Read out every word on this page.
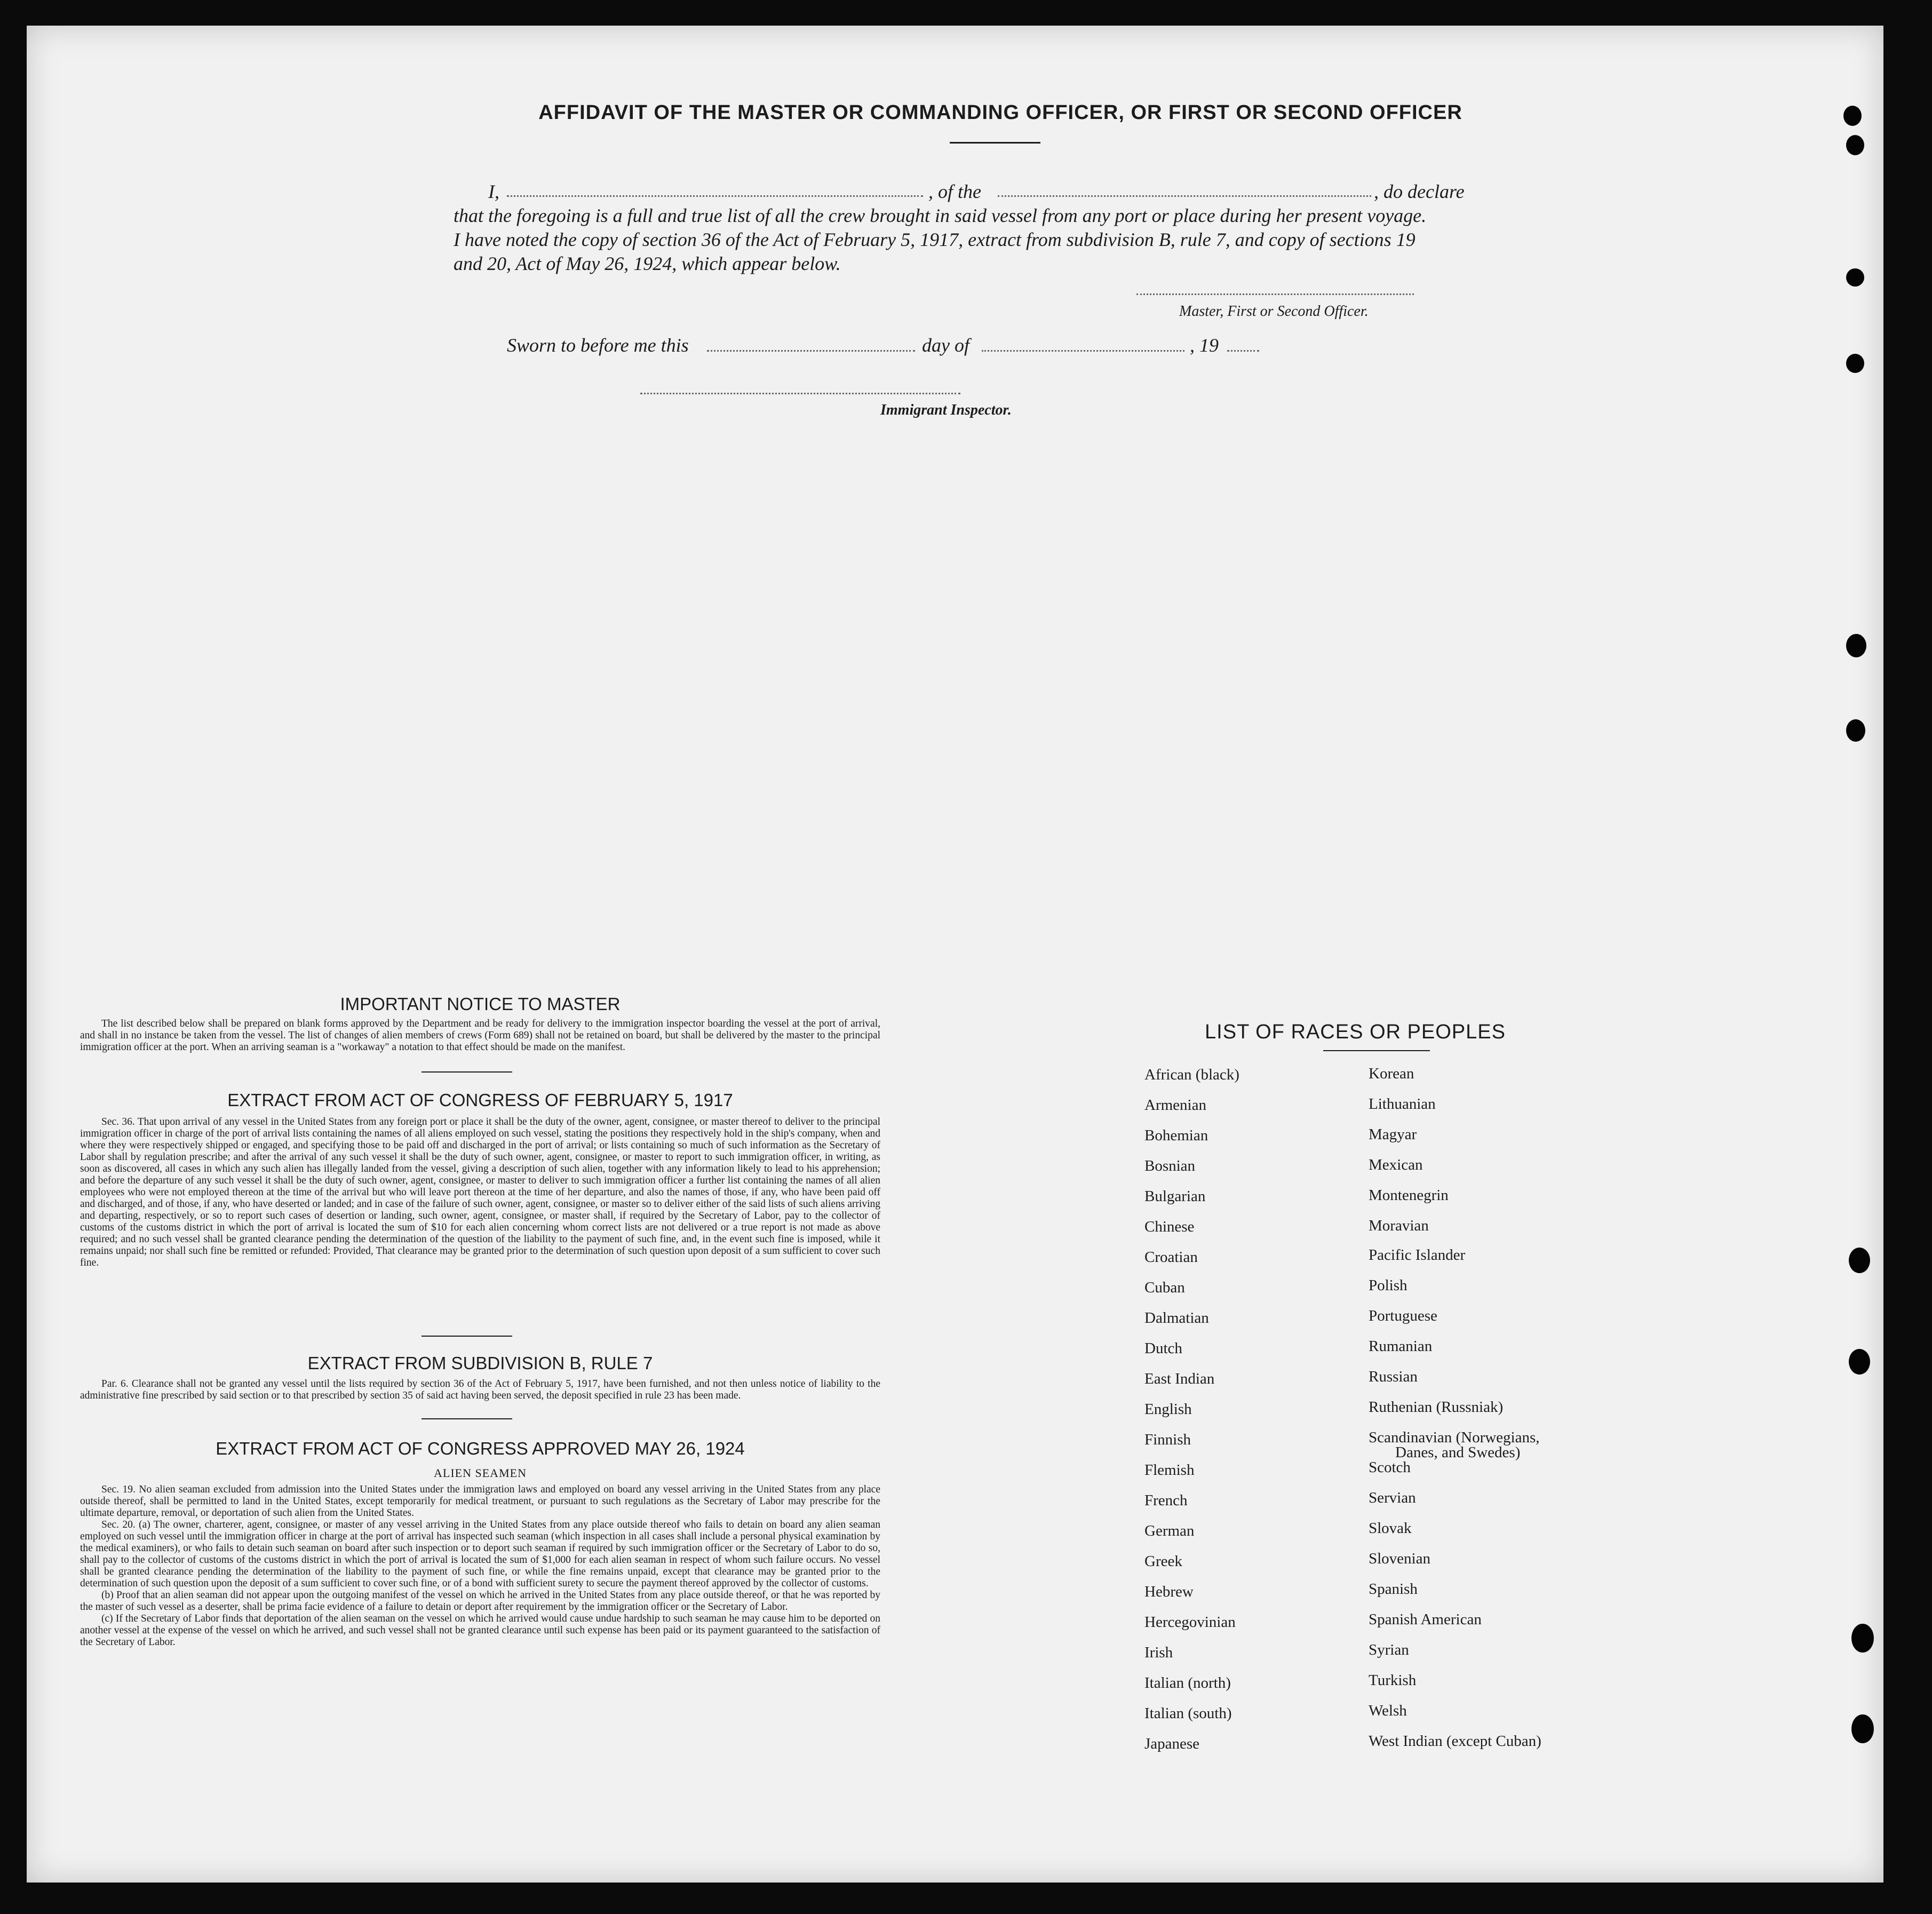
AFFIDAVIT OF THE MASTER OR COMMANDING OFFICER, OR FIRST OR SECOND OFFICER
I,	, of the	, do declare
that the foregoing is a full and true list of all the crew brought in said vessel from any port or place during her present voyage.
I have noted the copy of section 36 of the Act of February 5, 1917, extract from subdivision B, rule 7, and copy of sections 19
and 20, Act of May 26, 1924, which appear below.
Master, First or Second Officer.
Sworn to before me this	day of	, 19
Immigrant Inspector.
IMPORTANT NOTICE TO MASTER
The list described below shall be prepared on blank forms approved by the Department and be ready for delivery to the immigration inspector boarding the vessel at the port of arrival, and shall in no instance be taken from the vessel. The list of changes of alien members of crews (Form 689) shall not be retained on board, but shall be delivered by the master to the principal immigration officer at the port. When an arriving seaman is a "workaway" a notation to that effect should be made on the manifest.
EXTRACT FROM ACT OF CONGRESS OF FEBRUARY 5, 1917
Sec. 36. That upon arrival of any vessel in the United States from any foreign port or place it shall be the duty of the owner, agent, consignee, or master thereof to deliver to the principal immigration officer in charge of the port of arrival lists containing the names of all aliens employed on such vessel, stating the positions they respectively hold in the ship's company, when and where they were respectively shipped or engaged, and specifying those to be paid off and discharged in the port of arrival; or lists containing so much of such information as the Secretary of Labor shall by regulation prescribe; and after the arrival of any such vessel it shall be the duty of such owner, agent, consignee, or master to report to such immigration officer, in writing, as soon as discovered, all cases in which any such alien has illegally landed from the vessel, giving a description of such alien, together with any information likely to lead to his apprehension; and before the departure of any such vessel it shall be the duty of such owner, agent, consignee, or master to deliver to such immigration officer a further list containing the names of all alien employees who were not employed thereon at the time of the arrival but who will leave port thereon at the time of her departure, and also the names of those, if any, who have been paid off and discharged, and of those, if any, who have deserted or landed; and in case of the failure of such owner, agent, consignee, or master so to deliver either of the said lists of such aliens arriving and departing, respectively, or so to report such cases of desertion or landing, such owner, agent, consignee, or master shall, if required by the Secretary of Labor, pay to the collector of customs of the customs district in which the port of arrival is located the sum of $10 for each alien concerning whom correct lists are not delivered or a true report is not made as above required; and no such vessel shall be granted clearance pending the determination of the question of the liability to the payment of such fine, and, in the event such fine is imposed, while it remains unpaid; nor shall such fine be remitted or refunded: Provided, That clearance may be granted prior to the determination of such question upon deposit of a sum sufficient to cover such fine.
EXTRACT FROM SUBDIVISION B, RULE 7
Par. 6. Clearance shall not be granted any vessel until the lists required by section 36 of the Act of February 5, 1917, have been furnished, and not then unless notice of liability to the administrative fine prescribed by said section or to that prescribed by section 35 of said act having been served, the deposit specified in rule 23 has been made.
EXTRACT FROM ACT OF CONGRESS APPROVED MAY 26, 1924
ALIEN SEAMEN
Sec. 19. No alien seaman excluded from admission into the United States under the immigration laws and employed on board any vessel arriving in the United States from any place outside thereof, shall be permitted to land in the United States, except temporarily for medical treatment, or pursuant to such regulations as the Secretary of Labor may prescribe for the ultimate departure, removal, or deportation of such alien from the United States.
Sec. 20. (a) The owner, charterer, agent, consignee, or master of any vessel arriving in the United States from any place outside thereof who fails to detain on board any alien seaman employed on such vessel until the immigration officer in charge at the port of arrival has inspected such seaman (which inspection in all cases shall include a personal physical examination by the medical examiners), or who fails to detain such seaman on board after such inspection or to deport such seaman if required by such immigration officer or the Secretary of Labor to do so, shall pay to the collector of customs of the customs district in which the port of arrival is located the sum of $1,000 for each alien seaman in respect of whom such failure occurs. No vessel shall be granted clearance pending the determination of the liability to the payment of such fine, or while the fine remains unpaid, except that clearance may be granted prior to the determination of such question upon the deposit of a sum sufficient to cover such fine, or of a bond with sufficient surety to secure the payment thereof approved by the collector of customs.
(b) Proof that an alien seaman did not appear upon the outgoing manifest of the vessel on which he arrived in the United States from any place outside thereof, or that he was reported by the master of such vessel as a deserter, shall be prima facie evidence of a failure to detain or deport after requirement by the immigration officer or the Secretary of Labor.
(c) If the Secretary of Labor finds that deportation of the alien seaman on the vessel on which he arrived would cause undue hardship to such seaman he may cause him to be deported on another vessel at the expense of the vessel on which he arrived, and such vessel shall not be granted clearance until such expense has been paid or its payment guaranteed to the satisfaction of the Secretary of Labor.
LIST OF RACES OR PEOPLES
African (black)
Armenian
Bohemian
Bosnian
Bulgarian
Chinese
Croatian
Cuban
Dalmatian
Dutch
East Indian
English
Finnish
Flemish
French
German
Greek
Hebrew
Hercegovinian
Irish
Italian (north)
Italian (south)
Japanese
Korean
Lithuanian
Magyar
Mexican
Montenegrin
Moravian
Pacific Islander
Polish
Portuguese
Rumanian
Russian
Ruthenian (Russniak)
Scandinavian (Norwegians,
Danes, and Swedes)
Scotch
Servian
Slovak
Slovenian
Spanish
Spanish American
Syrian
Turkish
Welsh
West Indian (except Cuban)
